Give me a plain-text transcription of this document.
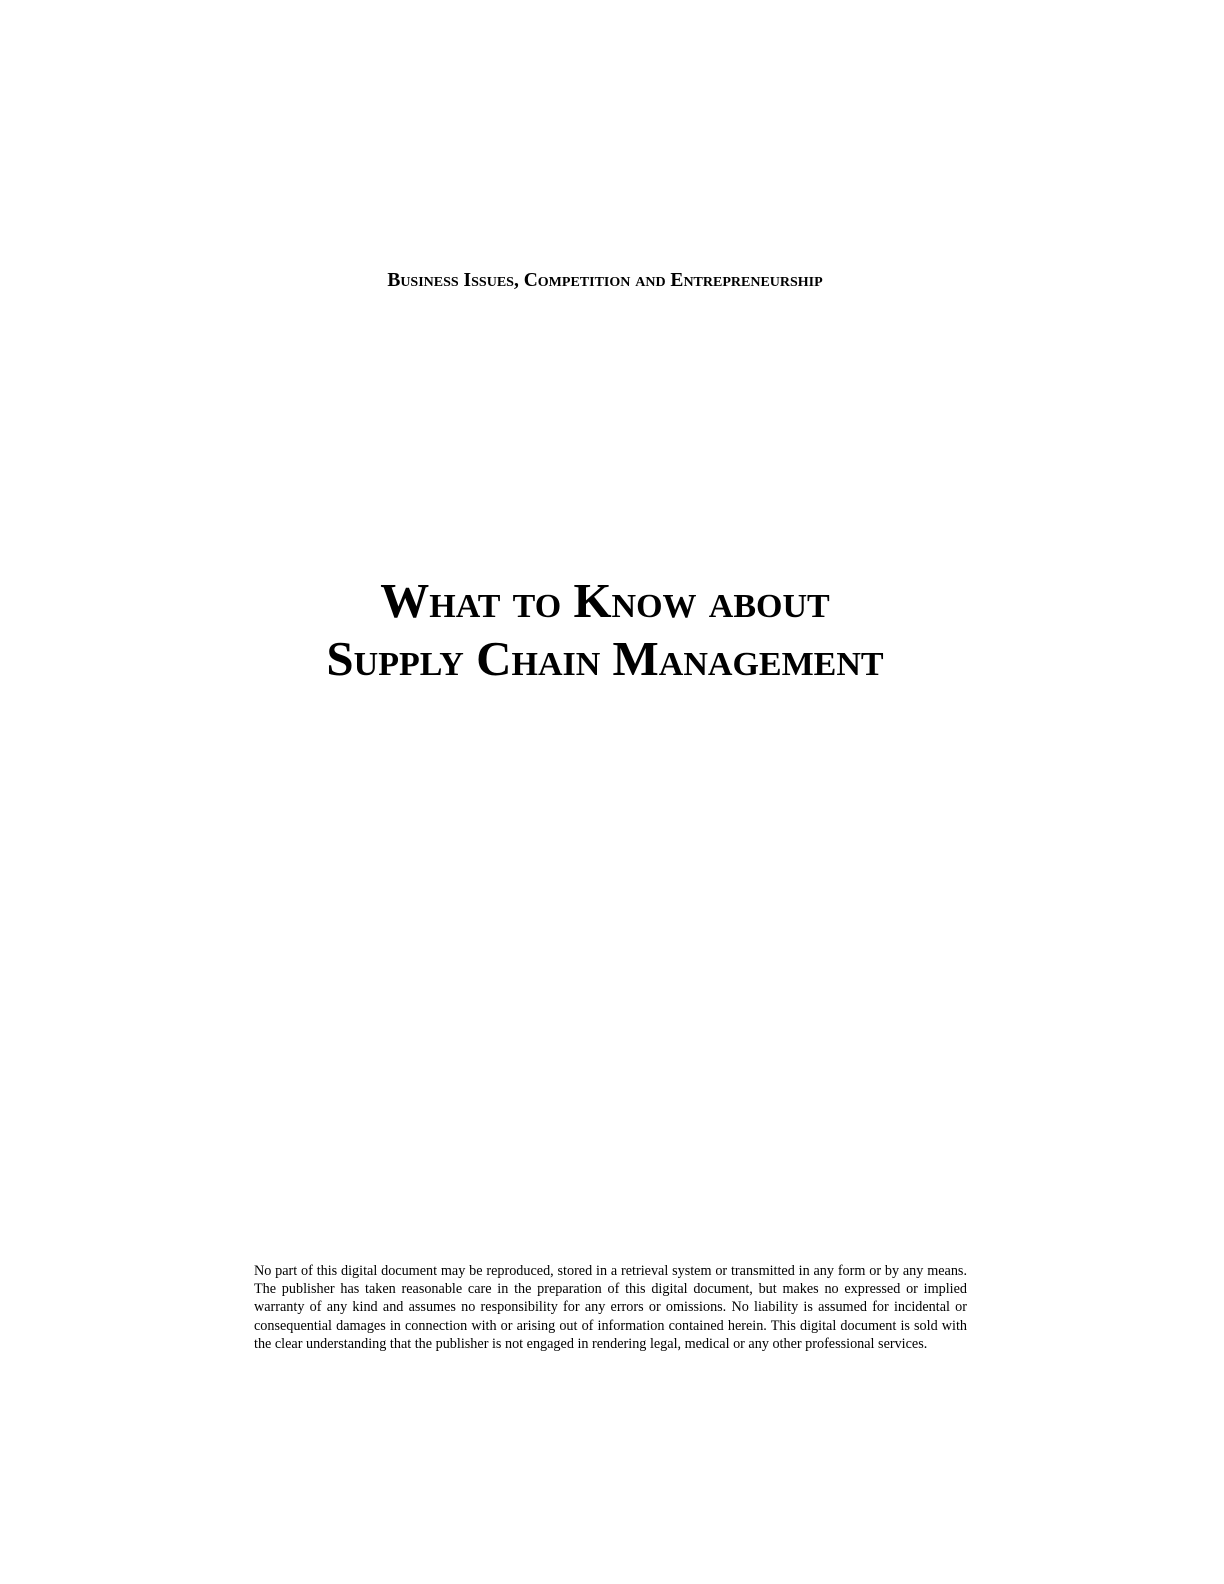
Business Issues, Competition and Entrepreneurship
What to Know about
Supply Chain Management
No part of this digital document may be reproduced, stored in a retrieval system or transmitted in any form or by any means. The publisher has taken reasonable care in the preparation of this digital document, but makes no expressed or implied warranty of any kind and assumes no responsibility for any errors or omissions. No liability is assumed for incidental or consequential damages in connection with or arising out of information contained herein. This digital document is sold with the clear understanding that the publisher is not engaged in rendering legal, medical or any other professional services.
